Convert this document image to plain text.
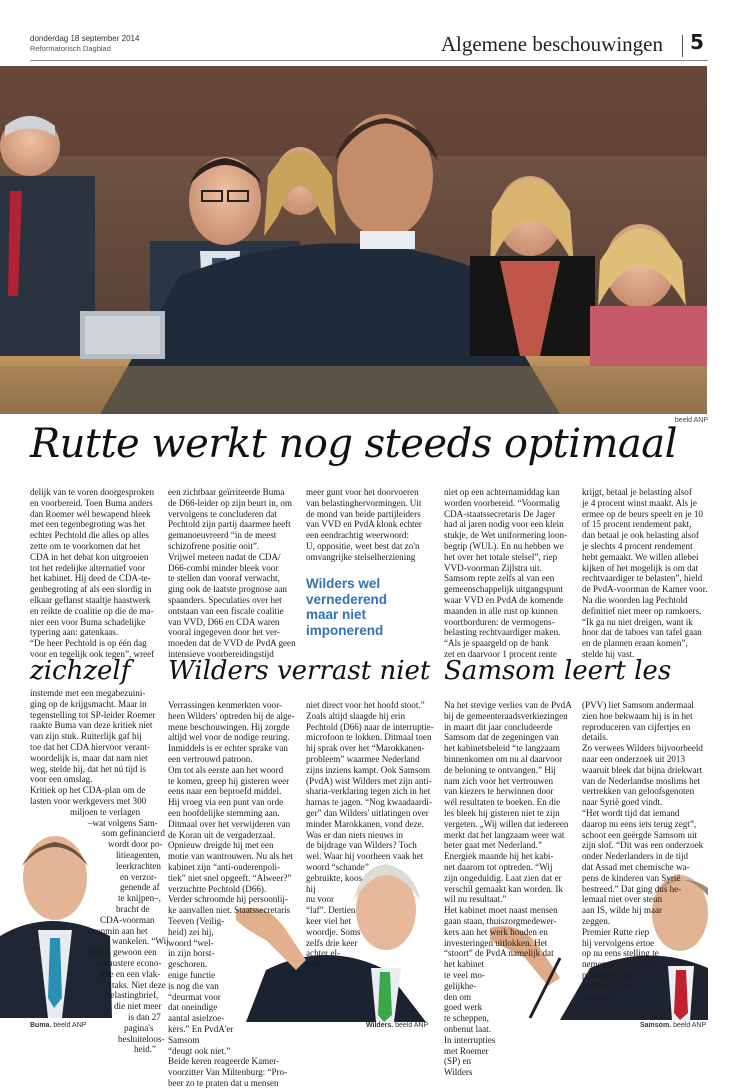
donderdag 18 september 2014
Reformatorisch Dagblad	Algemene beschouwingen 5
beeld ANP
Rutte werkt nog steeds optimaal

delijk van te voren doorgesproken

en voorbereid. Toen Buma anders

dan Roemer wél bewapend bleek

met een tegenbegroting was het

echter Pechtold die alles op alles

zette om te voorkomen dat het

CDA in het debat kon uitgroeien

tot het redelijke alternatief voor

het kabinet. Hij deed de CDA-te-

genbegroting af als een slordig in

elkaar geflanst staaltje haastwerk

en reikte de coalitie op die de ma-

nier een voor Buma schadelijke

typering aan: gatenkaas.

“De heer Pechtold is op één dag

voor en tegelijk ook tegen”, wreef

een zichtbaar geïrriteerde Buma

de D66-leider op zijn beurt in, om

vervolgens te concluderen dat

Pechtold zijn partij daarmee heeft

gemanoeuvreerd “in de meest

schizofrene positie ooit”.

Vrijwel meteen nadat de CDA/

D66-combi minder bleek voor

te stellen dan vooraf verwacht,

ging ook de laatste prognose aan

spaanders. Speculaties over het

ontstaan van een fiscale coalitie

van VVD, D66 en CDA waren

vooral ingegeven door het ver-

moeden dat de VVD de PvdA geen

intensieve voorbereidingstijd

meer gunt voor het doorvoeren

van belastinghervormingen. Uit

de mond van beide partijleiders

van VVD en PvdA klonk echter

een eendrachtig weerwoord:

U, oppositie, weet best dat zo'n

omvangrijke stelselherziening

Wilders wel

vernederend

maar niet

imponerend

niet op een achternamiddag kan

worden voorbereid. “Voormalig

CDA-staatssecretaris De Jager

had al jaren nodig voor een klein

stukje, de Wet uniformering loon-

begrip (WUL). En nu hebben we

het over het totale stelsel”, riep

VVD-voorman Zijlstra uit.

Samsom repte zelfs al van een

gemeenschappelijk uitgangspunt

waar VVD en PvdA de komende

maanden in alle rust op kunnen

voortborduren: de vermogens-

belasting rechtvaardiger maken.

“Als je spaargeld op de bank

zet en daarvoor 1 procent rente

krijgt, betaal je belasting alsof

je 4 procent winst maakt. Als je

ermee op de beurs speelt en je 10

of 15 procent rendement pakt,

dan betaal je ook belasting alsof

je slechts 4 procent rendement

hebt gemaakt. We willen allebei

kijken of het mogelijk is om dat

rechtvaardiger te belasten”, hield

de PvdA-voorman de Kamer voor.

Na die woorden lag Pechtold

definitief niet meer op ramkoers.

“Ik ga nu niet dreigen, want ik

hoor dat de taboes van tafel gaan

en de plannen eraan komen”,

stelde hij vast.

zichzelf Wilders verrast niet Samsom leert les
Buma. beeld ANP

instemde met een megabezuini-

ging op de krijgsmacht. Maar in

tegenstelling tot SP-leider Roemer

raakte Buma van deze kritiek niet

van zijn stuk. Ruiterlijk gaf hij

toe dat het CDA hiervoor verant-

woordelijk is, maar dat nam niet

weg, stelde hij, dat het nú tijd is

voor een omslag.

Kritiek op het CDA-plan om de

lasten voor werkgevers met 300

miljoen te verlagen

–wat volgens Sam-

som gefinancierd

wordt door po-

litieagenten,

leerkrachten

en verzor-

genende af

te knijpen–,

bracht de

CDA-voorman

evenmin aan het

wankelen. “Wij

willen gewoon een

robuustere econo-

mie en een vlak-

taks. Niet deze

belastingbrief,

die niet meer

is dan 27

pagina's

besluiteloos-

heid.”

Wilders. beeld ANP

Verrassingen kenmerkten voor-

heen Wilders' optreden bij de alge-

mene beschouwingen. Hij zorgde

altijd wel voor de nodige reuring.

Inmiddels is er echter sprake van

een vertrouwd patroon.

Om tot als eerste aan het woord

te komen, greep hij gisteren weer

eens naar een beproefd middel.

Hij vroeg via een punt van orde

een hoofdelijke stemming aan.

Ditmaal over het verwijderen van

de Koran uit de vergaderzaal.

Opnieuw dreigde hij met een

motie van wantrouwen. Nu als het

kabinet zijn “anti-ouderenpoli-

tiek” niet snel opgeeft. “Alweer?”

verzuchtte Pechtold (D66).

Verder schroomde hij persoonlij-

ke aanvallen niet. Staatssecretaris

Teeven (Veilig-

heid) zei hij,

woord “wel-

in zijn borst-

geschoren.

enige functie

is nog die van

“deurmat voor

dat oneindige

aantal asielzoe-

kers.” En PvdA'er

Samsom

“deugt ook niet.”

Beide keren reageerde Kamer-

voorzitter Van Miltenburg: “Pro-

beer zo te praten dat u mensen

niet direct voor het hoofd stoot.”

Zoals altijd slaagde hij erin

Pechtold (D66) naar de interruptie-

microfoon te lokken. Ditmaal toen

hij sprak over het “Marokkanen-

probleem” waarmee Nederland

zijns inziens kampt. Ook Samsom

(PvdA) wist Wilders met zijn anti-

sharia-verklaring tegen zich in het

harnas te jagen. “Nog kwaadaardi-

ger” dan Wilders' uitlatingen over

minder Marokkanen, vond deze.

Was er dan niets nieuws in

de bijdrage van Wilders? Toch

wel. Waar hij voorheen vaak het

woord “schande”

gebruikte, koos

hij

nu voor

“laf”. Dertien

keer viel het

woordje. Soms

zelfs drie keer

achter el-

kaar.

Samsom. beeld ANP

Na het stevige verlies van de PvdA

bij de gemeenteraadsverkiezingen

in maart dit jaar concludeerde

Samsom dat de zegeningen van

het kabinetsbeleid “te langzaam

binnenkomen om nu al daarvoor

de beloning te ontvangen.” Hij

nam zich voor het vertrouwen

van kiezers te herwinnen door

wél resultaten te boeken. En die

les bleek hij gisteren niet te zijn

vergeten. „Wij willen dat iedereen

merkt dat het langzaam weer wat

beter gaat met Nederland.”

Energiek maande hij het kabi-

net daarom tot optreden. “Wij

zijn ongeduldig. Laat zien dat er

verschil gemaakt kan worden. Ik

wil nu resultaat.”

Het kabinet moet naast mensen

gaan staan, thuiszorgmedewer-

kers aan het werk houden en

investeringen uitlokken. Het

“stoort” de PvdA namelijk dat

het kabinet

te veel mo-

gelijkhe-

den om

goed werk

te scheppen,

onbenut laat.

In interrupties

met Roemer

(SP) en

Wilders

(PVV) liet Samsom andermaal

zien hoe bekwaam hij is in het

reproduceren van cijfertjes en

details.

Zo verwees Wilders bijvoorbeeld

naar een onderzoek uit 2013

waaruit bleek dat bijna driekwart

van de Nederlandse moslims het

vertrekken van geloofsgenoten

naar Syrië goed vindt.

“Het wordt tijd dat iemand

daarop nu eens iets terug zegt”,

schoot een geërgde Samsom uit

zijn slof. “Dit was een onderzoek

onder Nederlanders in de tijd

dat Assad met chemische wa-

pens de kinderen van Syrië

bestreed.” Dat ging dus he-

lemaal niet over steun

aan IS, wilde hij maar

zeggen.

Premier Rutte riep

hij vervolgens ertoe

op nu eens stelling te

nemen tegen “haat-

predikers in de

politiek”, lees:

Wilders.
